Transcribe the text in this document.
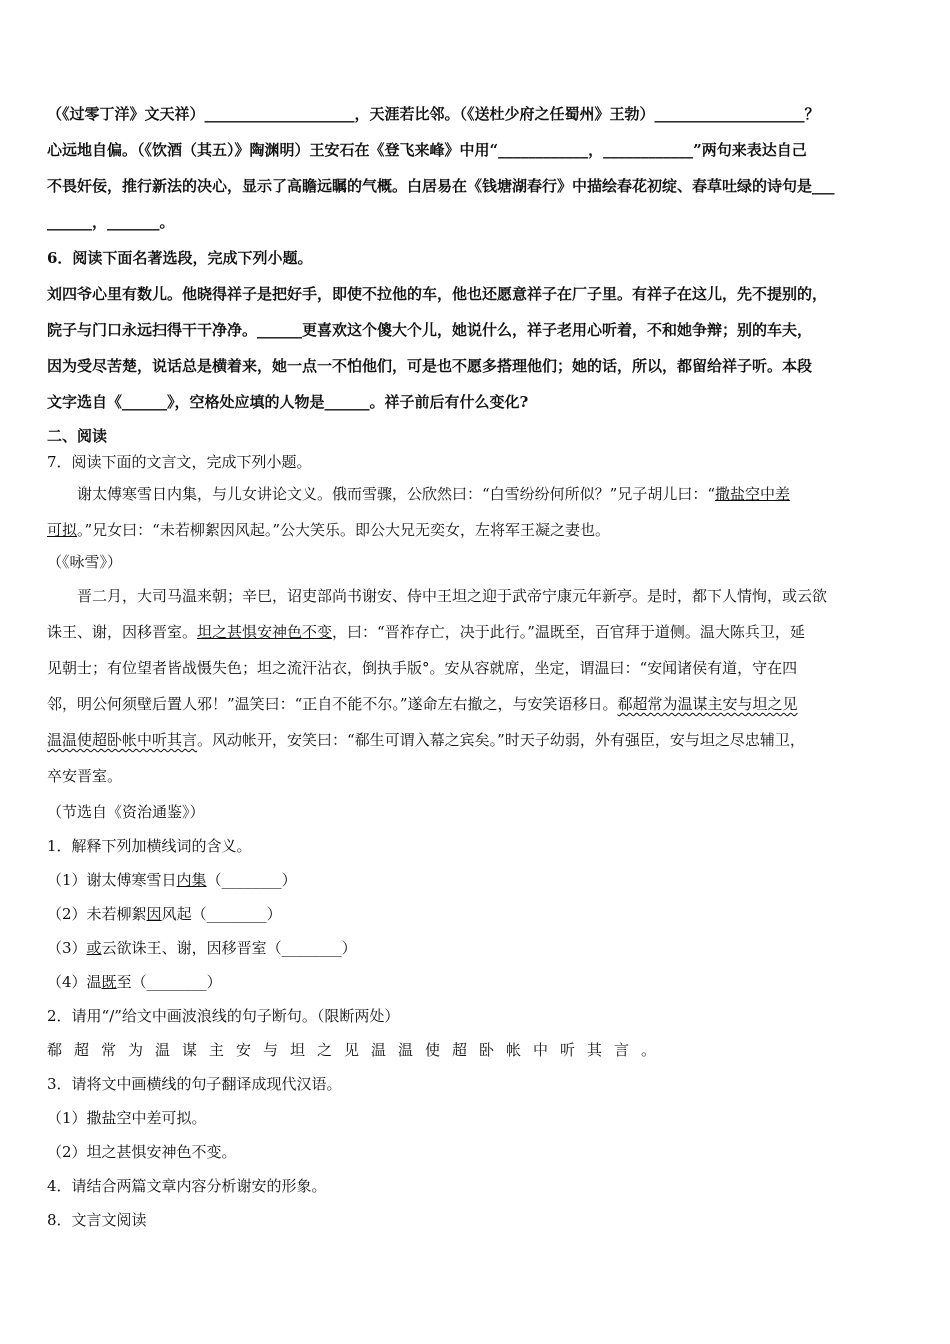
（《过零丁洋》文天祥）____________________，天涯若比邻。（《送杜少府之任蜀州》王勃）____________________？
心远地自偏。（《饮酒（其五）》陶渊明）王安石在《登飞来峰》中用“____________，____________”两句来表达自己
不畏奸佞，推行新法的决心，显示了高瞻远瞩的气概。白居易在《钱塘湖春行》中描绘春花初绽、春草吐绿的诗句是___
______，_______。
6．阅读下面名著选段，完成下列小题。
刘四爷心里有数儿。他晓得祥子是把好手，即使不拉他的车，他也还愿意祥子在厂子里。有祥子在这儿，先不提别的，
院子与门口永远扫得干干净净。______更喜欢这个傻大个儿，她说什么，祥子老用心听着，不和她争辩；别的车夫，
因为受尽苦楚，说话总是横着来，她一点一不怕他们，可是也不愿多搭理他们；她的话，所以，都留给祥子听。本段
文字选自《______》，空格处应填的人物是______。祥子前后有什么变化?
二、阅读
7．阅读下面的文言文，完成下列小题。
谢太傅寒雪日内集，与儿女讲论文义。俄而雪骤，公欣然曰：“白雪纷纷何所似？”兄子胡儿曰：“撒盐空中差
可拟。”兄女曰：“未若柳絮因风起。”公大笑乐。即公大兄无奕女，左将军王凝之妻也。
（《咏雪》）
晋二月，大司马温来朝；辛巳，诏吏部尚书谢安、侍中王坦之迎于武帝宁康元年新亭。是时，都下人情恂，或云欲
诛王、谢，因移晋室。坦之甚惧安神色不变，曰：“晋祚存亡，决于此行。”温既至，百官拜于道侧。温大陈兵卫，延
见朝士；有位望者皆战慑失色；坦之流汗沾衣，倒执手版°。安从容就席，坐定，谓温曰：“安闻诸侯有道，守在四
邻，明公何须壁后置人邪！”温笑曰：“正自不能不尔。”遂命左右撤之，与安笑语移日。郗超常为温谋主安与坦之见
温温使超卧帐中听其言。风动帐开，安笑曰：“郗生可谓入幕之宾矣。”时天子幼弱，外有强臣，安与坦之尽忠辅卫，
卒安晋室。
（节选自《资治通鉴》）
1．解释下列加横线词的含义。
（1）谢太傅寒雪日内集（________）
（2）未若柳絮因风起（________）
（3）或云欲诛王、谢，因移晋室（________）
（4）温既至（________）
2．请用“/”给文中画波浪线的句子断句。（限断两处）
郗超常为温谋主安与坦之见温温使超卧帐中听其言。
3．请将文中画横线的句子翻译成现代汉语。
（1）撒盐空中差可拟。
（2）坦之甚惧安神色不变。
4．请结合两篇文章内容分析谢安的形象。
8．文言文阅读
